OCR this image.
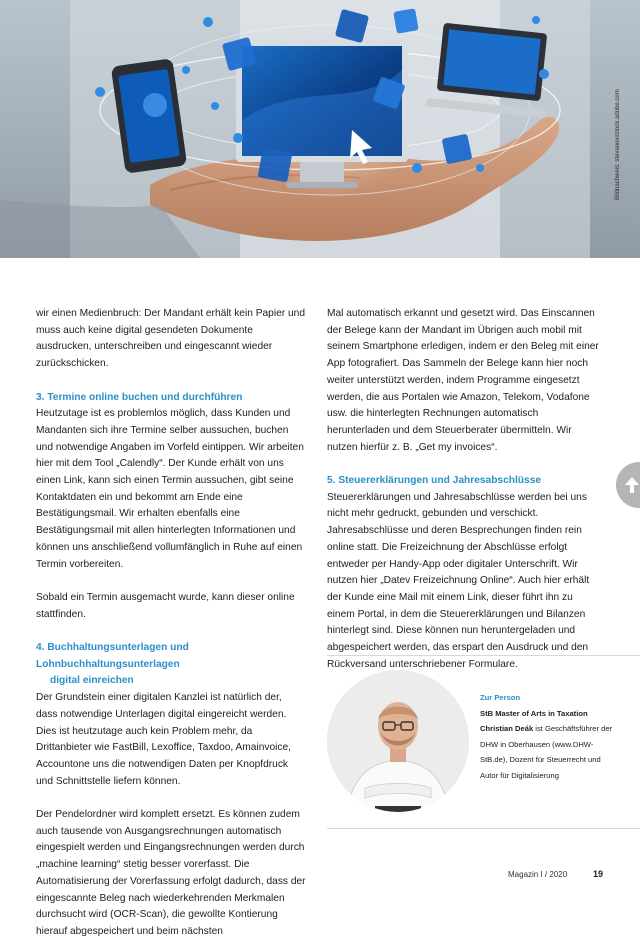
Bildnachweis: stevanovi/stock.adobe.com

wir einen Medienbruch: Der Mandant erhält kein Papier und muss auch keine digital gesendeten Dokumente ausdrucken, unterschreiben und eingescannt wieder zurückschicken.

3. Termine online buchen und durchführen

Heutzutage ist es problemlos möglich, dass Kunden und Mandanten sich ihre Termine selber aussuchen, buchen und notwendige Angaben im Vorfeld eintippen. Wir arbeiten hier mit dem Tool „Calendly“. Der Kunde erhält von uns einen Link, kann sich einen Termin aussuchen, gibt seine Kontaktdaten ein und bekommt am Ende eine Bestätigungsmail. Wir erhalten ebenfalls eine Bestätigungsmail mit allen hinterlegten Informationen und können uns anschließend vollumfänglich in Ruhe auf einen Termin vorbereiten.

Sobald ein Termin ausgemacht wurde, kann dieser online stattfinden.

4. Buchhaltungsunterlagen und Lohnbuchhaltungsunterlagen
digital einreichen

Der Grundstein einer digitalen Kanzlei ist natürlich der, dass notwendige Unterlagen digital eingereicht werden. Dies ist heutzutage auch kein Problem mehr, da Drittanbieter wie FastBill, Lexoffice, Taxdoo, Amainvoice, Accountone uns die notwendigen Daten per Knopfdruck und Schnittstelle liefern können.

Der Pendelordner wird komplett ersetzt. Es können zudem auch tausende von Ausgangsrechnungen automatisch eingespielt werden und Eingangsrechnungen werden durch „machine learning“ stetig besser vorerfasst. Die Automatisierung der Vorerfassung erfolgt dadurch, dass der eingescannte Beleg nach wiederkehrenden Merkmalen durchsucht wird (OCR-Scan), die gewollte Kontierung hierauf abgespeichert und beim nächsten

Mal automatisch erkannt und gesetzt wird. Das Einscannen der Belege kann der Mandant im Übrigen auch mobil mit seinem Smartphone erledigen, indem er den Beleg mit einer App fotografiert. Das Sammeln der Belege kann hier noch weiter unterstützt werden, indem Programme eingesetzt werden, die aus Portalen wie Amazon, Telekom, Vodafone usw. die hinterlegten Rechnungen automatisch herunterladen und dem Steuerberater übermitteln. Wir nutzen hierfür z. B. „Get my invoices“.

5. Steuererklärungen und Jahresabschlüsse

Steuererklärungen und Jahresabschlüsse werden bei uns nicht mehr gedruckt, gebunden und verschickt. Jahresabschlüsse und deren Besprechungen finden rein online statt. Die Freizeichnung der Abschlüsse erfolgt entweder per Handy-App oder digitaler Unterschrift. Wir nutzen hier „Datev Freizeichnung Online“. Auch hier erhält der Kunde eine Mail mit einem Link, dieser führt ihn zu einem Portal, in dem die Steuererklärungen und Bilanzen hinterlegt sind. Diese können nun heruntergeladen und abgespeichert werden, das erspart den Ausdruck und den Rückversand unterschriebener Formulare.

Zur Person
StB Master of Arts in Taxation
Christian Deák ist Geschäftsführer der DHW in Oberhausen (www.DHW-StB.de), Dozent für Steuerrecht und Autor für Digitalisierung
Magazin I / 2020	19
